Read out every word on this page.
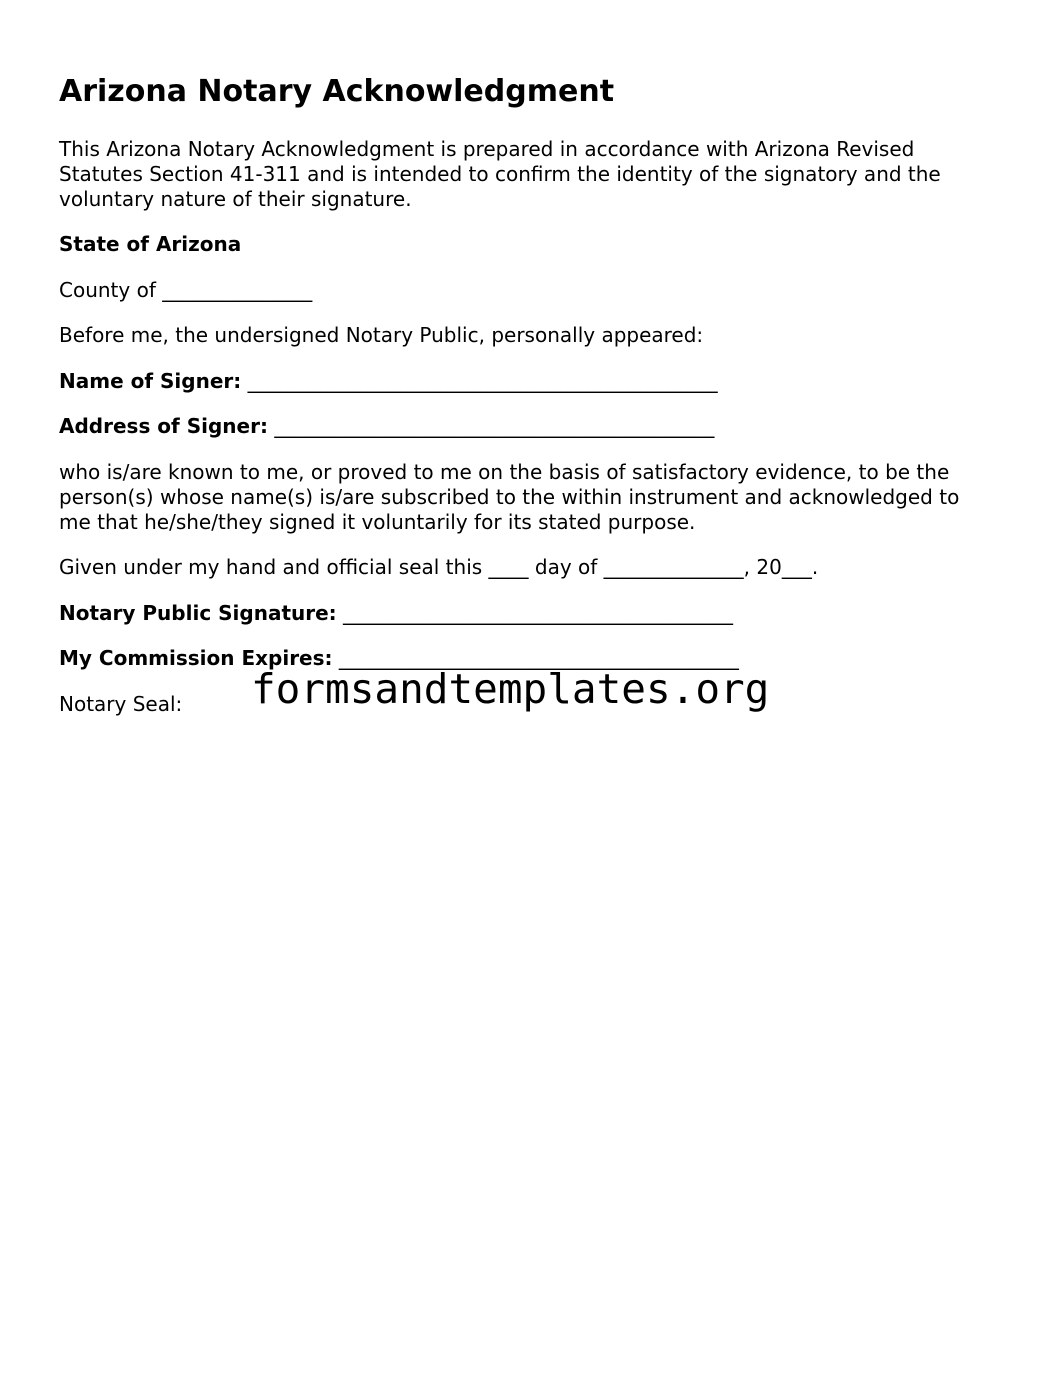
Arizona Notary Acknowledgment
This Arizona Notary Acknowledgment is prepared in accordance with Arizona Revised
Statutes Section 41-311 and is intended to confirm the identity of the signatory and the
voluntary nature of their signature.
State of Arizona
County of _______________
Before me, the undersigned Notary Public, personally appeared:
Name of Signer: _______________________________________________
Address of Signer: ____________________________________________
who is/are known to me, or proved to me on the basis of satisfactory evidence, to be the
person(s) whose name(s) is/are subscribed to the within instrument and acknowledged to
me that he/she/they signed it voluntarily for its stated purpose.
Given under my hand and official seal this ____ day of ______________, 20___.
Notary Public Signature: _______________________________________
My Commission Expires: ________________________________________
Notary Seal: formsandtemplates.org
